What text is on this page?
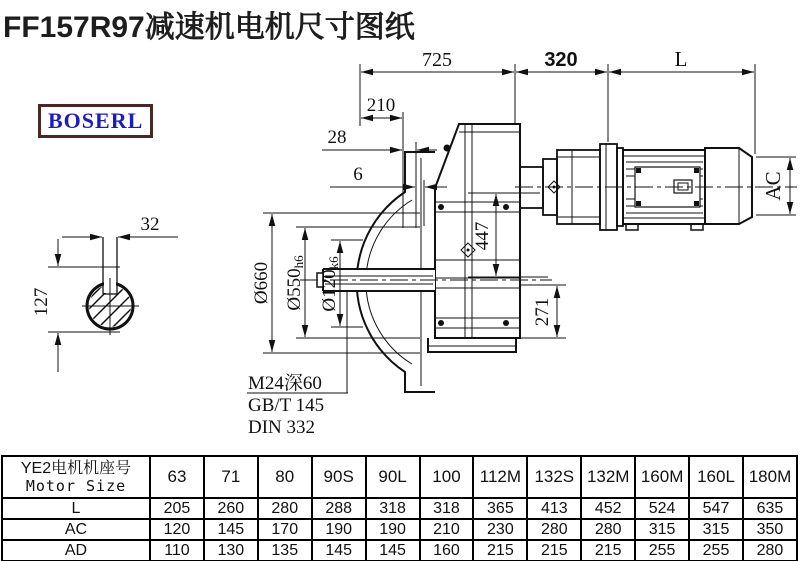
FF157R97减速机电机尺寸图纸
BOSERL
725	320	L
210
28
6
Ø660 Ø550h6
Ø120k6
447
271
AC
M24深60
GB/T 145
DIN 332
32
127
YE2电机机座号
Motor Size	63	71	80	90S	90L	100	112M	132S	132M	160M	160L	180M
L	205	260	280	288	318	318	365	413	452	524	547	635
AC	120	145	170	190	190	210	230	280	280	315	315	350
AD	110	130	135	145	145	160	215	215	215	255	255	280
